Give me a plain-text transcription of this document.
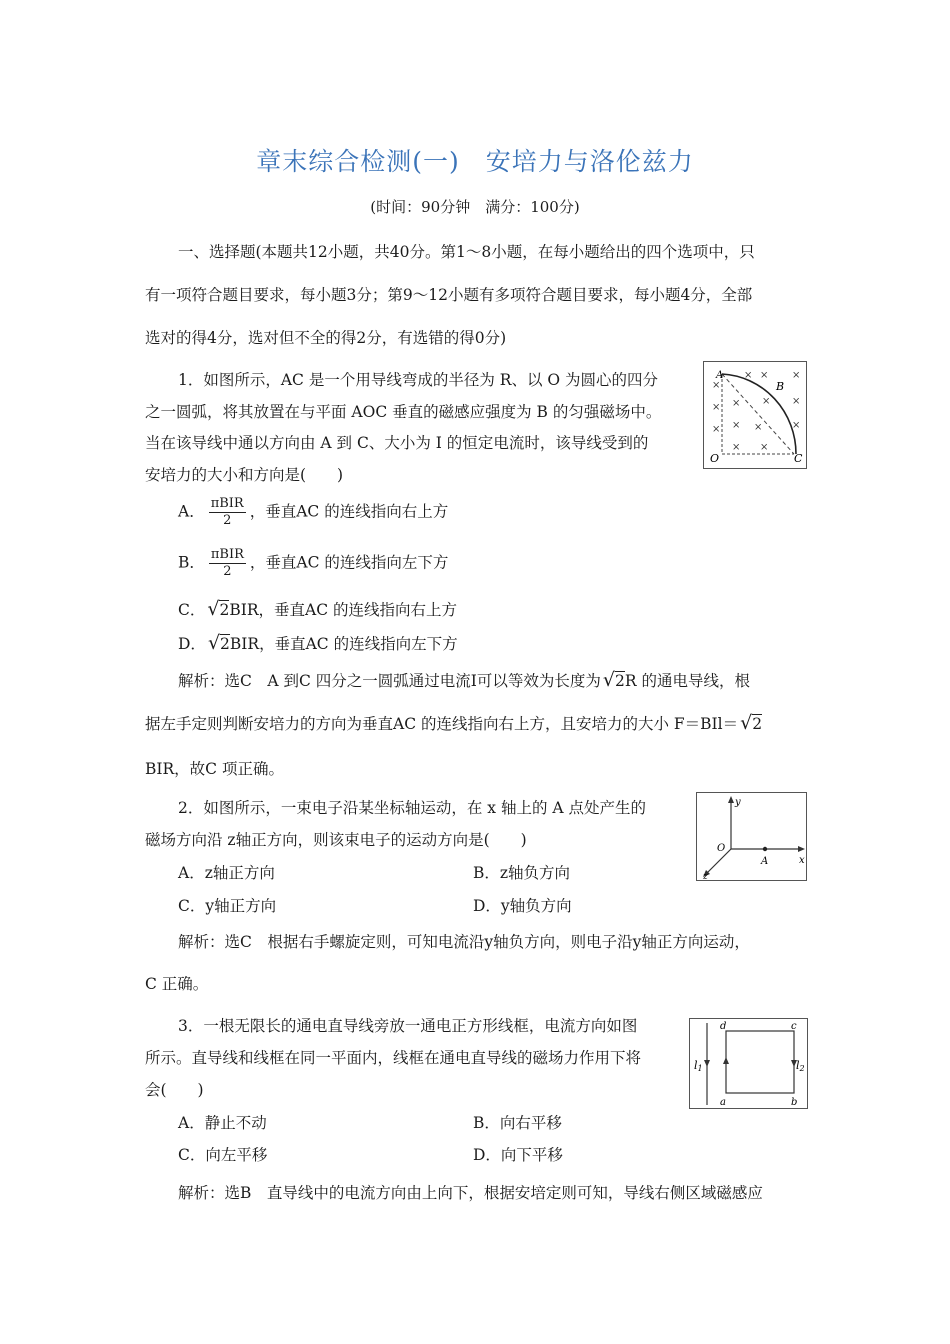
章末综合检测(一)　安培力与洛伦兹力
(时间：90分钟　满分：100分)
一、选择题(本题共12小题，共40分。第1～8小题，在每小题给出的四个选项中，只
有一项符合题目要求，每小题3分；第9～12小题有多项符合题目要求，每小题4分，全部
选对的得4分，选对但不全的得2分，有选错的得0分)
1．如图所示，AC 是一个用导线弯成的半径为 R、以 O 为圆心的四分
之一圆弧，将其放置在与平面 AOC 垂直的磁感应强度为 B 的匀强磁场中。
当在该导线中通以方向由 A 到 C、大小为 I 的恒定电流时，该导线受到的
安培力的大小和方向是(　　)
×
× × ×
× × × ×
× × ×	×
× ×
A
B
O	C
A． $\frac{\text{πBIR}}{2}$ ，垂直AC 的连线指向右上方
B． $\frac{\text{πBIR}}{2}$ ，垂直AC 的连线指向左下方
C． √2BIR，垂直AC 的连线指向右上方
D． √2BIR，垂直AC 的连线指向左下方
解析：选C　A 到C 四分之一圆弧通过电流I可以等效为长度为 √2R 的通电导线，根
据左手定则判断安培力的方向为垂直AC 的连线指向右上方，且安培力的大小 F＝BIl＝ √2
BIR，故C 项正确。
2．如图所示，一束电子沿某坐标轴运动，在 x 轴上的 A 点处产生的
磁场方向沿 z轴正方向，则该束电子的运动方向是(　　)
y
x
z
O
A
A．z轴正方向	B．z轴负方向
C．y轴正方向	D．y轴负方向
解析：选C　根据右手螺旋定则，可知电流沿y轴负方向，则电子沿y轴正方向运动，
C 正确。
3．一根无限长的通电直导线旁放一通电正方形线框，电流方向如图
所示。直导线和线框在同一平面内，线框在通电直导线的磁场力作用下将
会(　　)
l1	l2
d	c
a	b
A．静止不动	B．向右平移
C．向左平移	D．向下平移
解析：选B　直导线中的电流方向由上向下，根据安培定则可知，导线右侧区域磁感应
